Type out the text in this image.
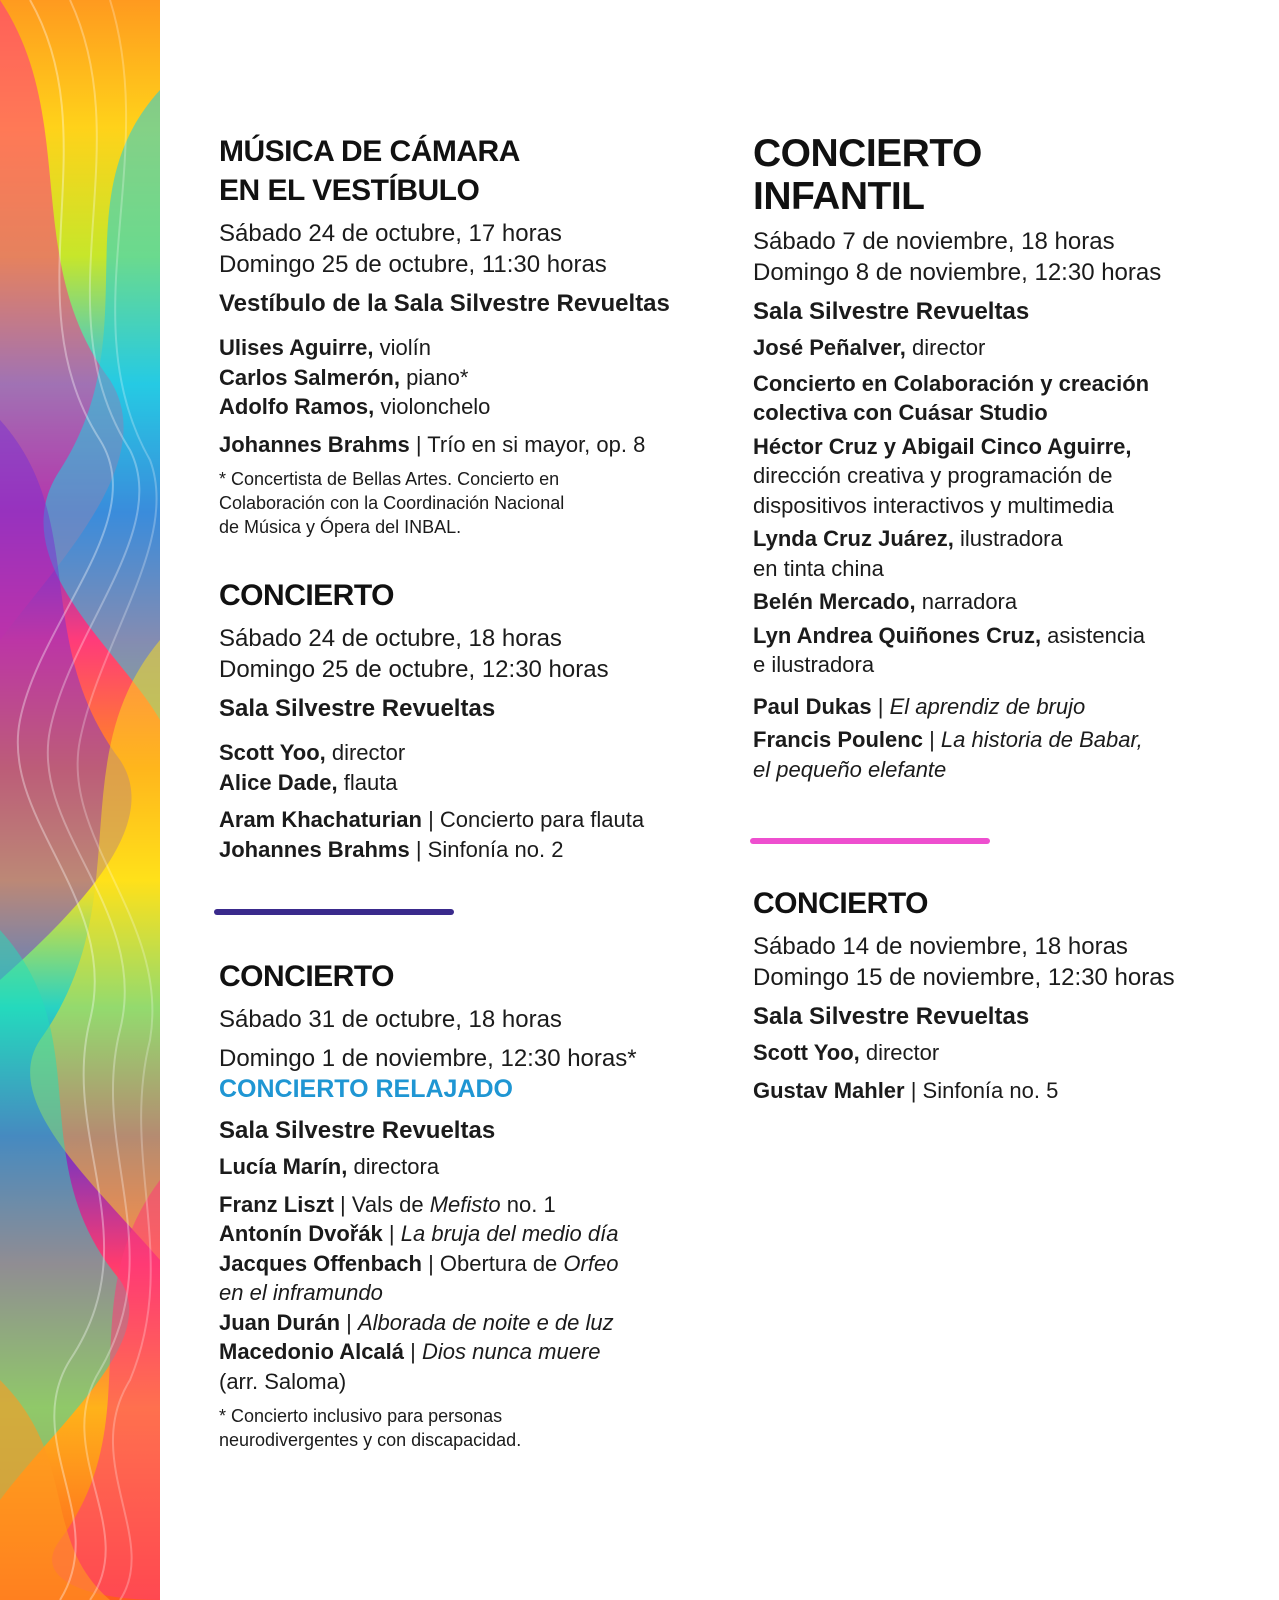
MÚSICA DE CÁMARA
EN EL VESTÍBULO
Sábado 24 de octubre, 17 horas
Domingo 25 de octubre, 11:30 horas
Vestíbulo de la Sala Silvestre Revueltas
Ulises Aguirre, violín
Carlos Salmerón, piano*
Adolfo Ramos, violonchelo
Johannes Brahms | Trío en si mayor, op. 8
* Concertista de Bellas Artes. Concierto en
Colaboración con la Coordinación Nacional
de Música y Ópera del INBAL.
CONCIERTO
Sábado 24 de octubre, 18 horas
Domingo 25 de octubre, 12:30 horas
Sala Silvestre Revueltas
Scott Yoo, director
Alice Dade, flauta
Aram Khachaturian | Concierto para flauta
Johannes Brahms | Sinfonía no. 2
CONCIERTO
Sábado 31 de octubre, 18 horas
Domingo 1 de noviembre, 12:30 horas*
CONCIERTO RELAJADO
Sala Silvestre Revueltas
Lucía Marín, directora
Franz Liszt | Vals de Mefisto no. 1
Antonín Dvořák | La bruja del medio día
Jacques Offenbach | Obertura de Orfeo
en el inframundo
Juan Durán | Alborada de noite e de luz
Macedonio Alcalá | Dios nunca muere
(arr. Saloma)
* Concierto inclusivo para personas
neurodivergentes y con discapacidad.
CONCIERTO
INFANTIL
Sábado 7 de noviembre, 18 horas
Domingo 8 de noviembre, 12:30 horas
Sala Silvestre Revueltas
José Peñalver, director
Concierto en Colaboración y creación
colectiva con Cuásar Studio
Héctor Cruz y Abigail Cinco Aguirre,
dirección creativa y programación de
dispositivos interactivos y multimedia
Lynda Cruz Juárez, ilustradora
en tinta china
Belén Mercado, narradora
Lyn Andrea Quiñones Cruz, asistencia
e ilustradora
Paul Dukas | El aprendiz de brujo
Francis Poulenc | La historia de Babar,
el pequeño elefante
CONCIERTO
Sábado 14 de noviembre, 18 horas
Domingo 15 de noviembre, 12:30 horas
Sala Silvestre Revueltas
Scott Yoo, director
Gustav Mahler | Sinfonía no. 5
